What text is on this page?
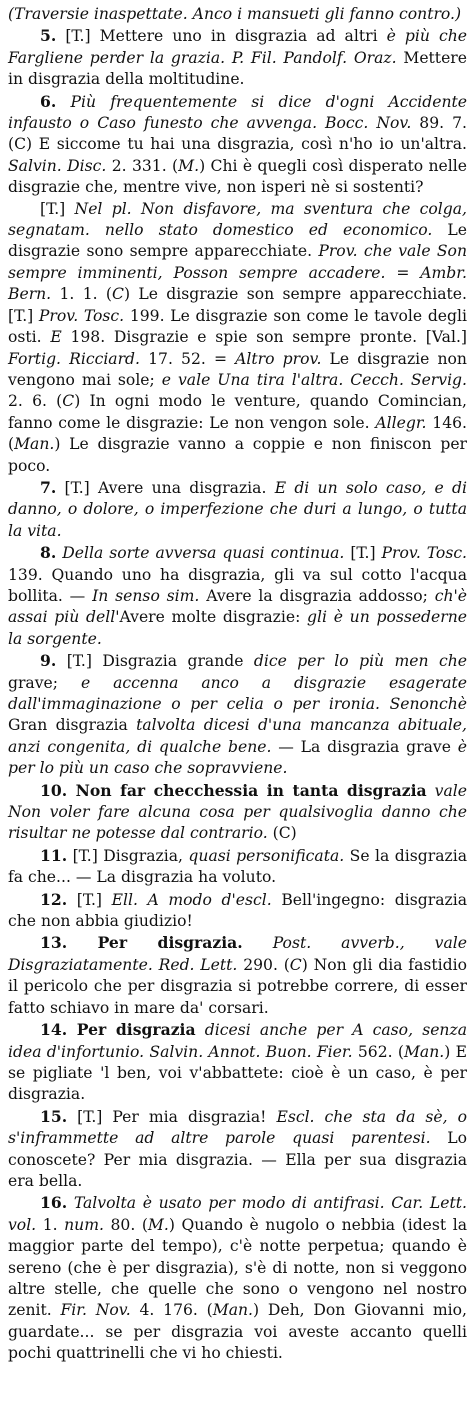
(Traversie inaspettate. Anco i mansueti gli fanno contro.)

5. [T.] Mettere uno in disgrazia ad altri è più che Fargliene perder la grazia. P. Fil. Pandolf. Oraz. Mettere in disgrazia della moltitudine.

6. Più frequentemente si dice d'ogni Accidente infausto o Caso funesto che avvenga. Bocc. Nov. 89. 7. (C) E siccome tu hai una disgrazia, così n'ho io un'altra. Salvin. Disc. 2. 331. (M.) Chi è quegli così disperato nelle disgrazie che, mentre vive, non isperi nè si sostenti?

[T.] Nel pl. Non disfavore, ma sventura che colga, segnatam. nello stato domestico ed economico. Le disgrazie sono sempre apparecchiate. Prov. che vale Son sempre imminenti, Posson sempre accadere. = Ambr. Bern. 1. 1. (C) Le disgrazie son sempre apparecchiate. [T.] Prov. Tosc. 199. Le disgrazie son come le tavole degli osti. E 198. Disgrazie e spie son sempre pronte. [Val.] Fortig. Ricciard. 17. 52. = Altro prov. Le disgrazie non vengono mai sole; e vale Una tira l'altra. Cecch. Servig. 2. 6. (C) In ogni modo le venture, quando Comincian, fanno come le disgrazie: Le non vengon sole. Allegr. 146. (Man.) Le disgrazie vanno a coppie e non finiscon per poco.

7. [T.] Avere una disgrazia. E di un solo caso, e di danno, o dolore, o imperfezione che duri a lungo, o tutta la vita.

8. Della sorte avversa quasi continua. [T.] Prov. Tosc. 139. Quando uno ha disgrazia, gli va sul cotto l'acqua bollita. — In senso sim. Avere la disgrazia addosso; ch'è assai più dell'Avere molte disgrazie: gli è un possederne la sorgente.

9. [T.] Disgrazia grande dice per lo più men che grave; e accenna anco a disgrazie esagerate dall'immaginazione o per celia o per ironia. Senonchè Gran disgrazia talvolta dicesi d'una mancanza abituale, anzi congenita, di qualche bene. — La disgrazia grave è per lo più un caso che sopravviene.

10. Non far checchessia in tanta disgrazia vale Non voler fare alcuna cosa per qualsivoglia danno che risultar ne potesse dal contrario. (C)

11. [T.] Disgrazia, quasi personificata. Se la disgrazia fa che... — La disgrazia ha voluto.

12. [T.] Ell. A modo d'escl. Bell'ingegno: disgrazia che non abbia giudizio!

13. Per disgrazia. Post. avverb., vale Disgraziatamente. Red. Lett. 290. (C) Non gli dia fastidio il pericolo che per disgrazia si potrebbe correre, di esser fatto schiavo in mare da' corsari.

14. Per disgrazia dicesi anche per A caso, senza idea d'infortunio. Salvin. Annot. Buon. Fier. 562. (Man.) E se pigliate 'l ben, voi v'abbattete: cioè è un caso, è per disgrazia.

15. [T.] Per mia disgrazia! Escl. che sta da sè, o s'inframmette ad altre parole quasi parentesi. Lo conoscete? Per mia disgrazia. — Ella per sua disgrazia era bella.

16. Talvolta è usato per modo di antifrasi. Car. Lett. vol. 1. num. 80. (M.) Quando è nugolo o nebbia (idest la maggior parte del tempo), c'è notte perpetua; quando è sereno (che è per disgrazia), s'è di notte, non si veggono altre stelle, che quelle che sono o vengono nel nostro zenit. Fir. Nov. 4. 176. (Man.) Deh, Don Giovanni mio, guardate... se per disgrazia voi aveste accanto quelli pochi quattrinelli che vi ho chiesti.
